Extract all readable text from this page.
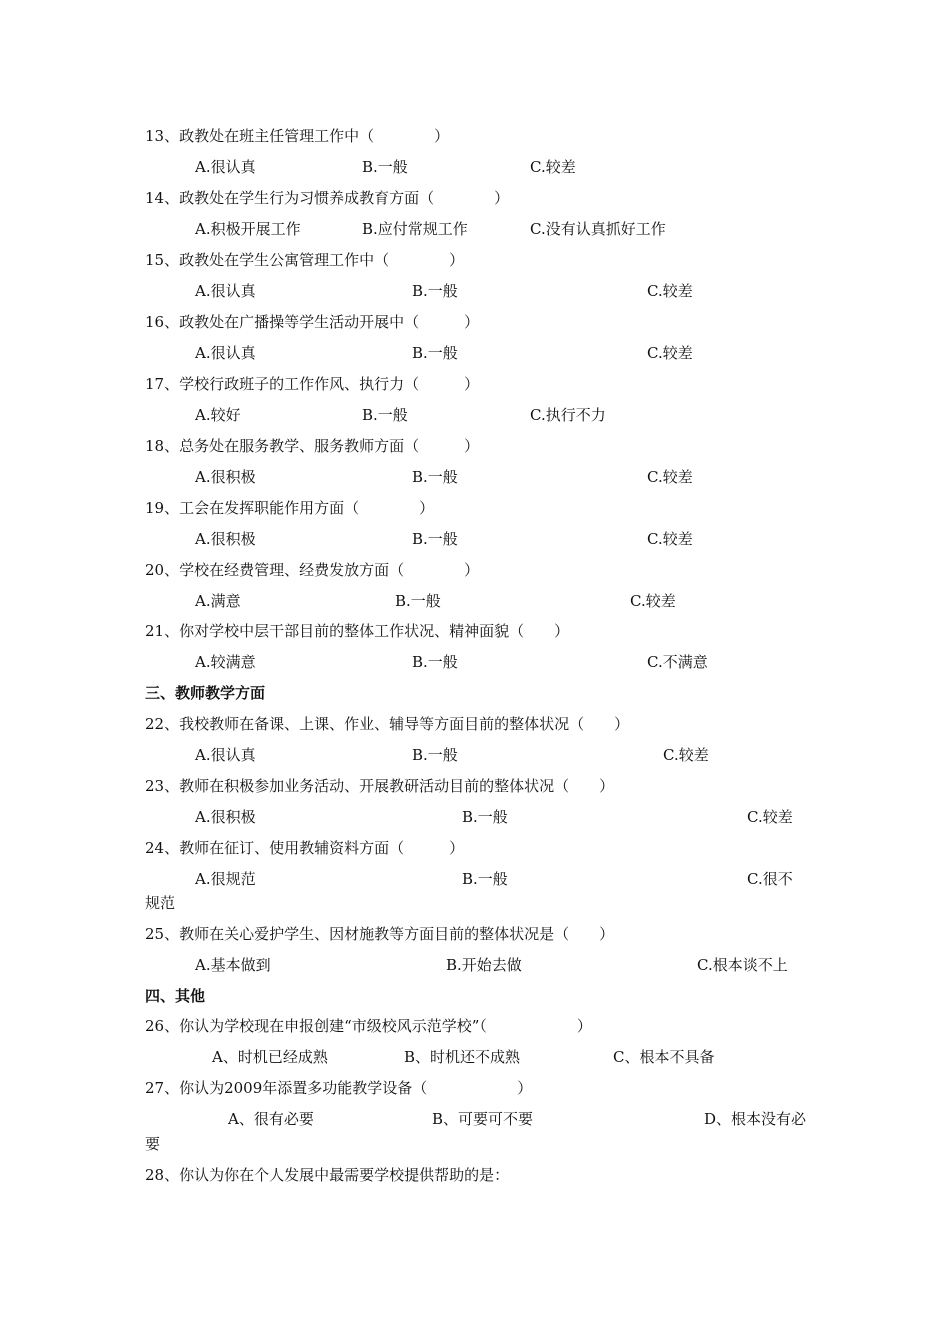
13、政教处在班主任管理工作中（　　　　）
A.很认真	B.一般	C.较差
14、政教处在学生行为习惯养成教育方面（　　　　）
A.积极开展工作	B.应付常规工作	C.没有认真抓好工作
15、政教处在学生公寓管理工作中（　　　　）
A.很认真	B.一般	C.较差
16、政教处在广播操等学生活动开展中（　　　）
A.很认真	B.一般	C.较差
17、学校行政班子的工作作风、执行力（　　　）
A.较好	B.一般	C.执行不力
18、总务处在服务教学、服务教师方面（　　　）
A.很积极	B.一般	C.较差
19、工会在发挥职能作用方面（　　　　）
A.很积极	B.一般	C.较差
20、学校在经费管理、经费发放方面（　　　　）
A.满意	B.一般	C.较差
21、你对学校中层干部目前的整体工作状况、精神面貌（　　）
A.较满意	B.一般	C.不满意
三、教师教学方面
22、我校教师在备课、上课、作业、辅导等方面目前的整体状况（　　）
A.很认真	B.一般	C.较差
23、教师在积极参加业务活动、开展教研活动目前的整体状况（　　）
A.很积极	B.一般	C.较差
24、教师在征订、使用教辅资料方面（　　　）
A.很规范	B.一般	C.很不
规范
25、教师在关心爱护学生、因材施教等方面目前的整体状况是（　　）
A.基本做到	B.开始去做	C.根本谈不上
四、其他
26、你认为学校现在申报创建“市级校风示范学校”（　　　　　　）
A、时机已经成熟	B、时机还不成熟	C、根本不具备
27、你认为2009年添置多功能教学设备（　　　　　　）
A、很有必要	B、可要可不要	D、根本没有必
要
28、你认为你在个人发展中最需要学校提供帮助的是：
